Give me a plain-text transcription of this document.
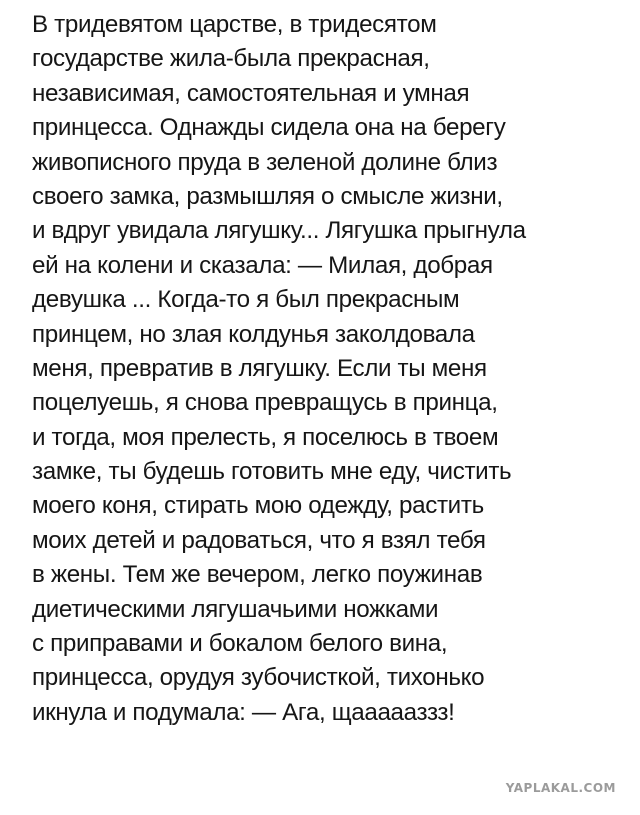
В тридевятом царстве, в тридесятом
государстве жила-была прекрасная,
независимая, самостоятельная и умная
принцесса. Однажды сидела она на берегу
живописного пруда в зеленой долине близ
своего замка, размышляя о смысле жизни,
и вдруг увидала лягушку... Лягушка прыгнула
ей на колени и сказала: — Милая, добрая
девушка ... Когда-то я был прекрасным
принцем, но злая колдунья заколдовала
меня, превратив в лягушку. Если ты меня
поцелуешь, я снова превращусь в принца,
и тогда, моя прелесть, я поселюсь в твоем
замке, ты будешь готовить мне еду, чистить
моего коня, стирать мою одежду, растить
моих детей и радоваться, что я взял тебя
в жены. Тем же вечером, легко поужинав
диетическими лягушачьими ножками
с приправами и бокалом белого вина,
принцесса, орудуя зубочисткой, тихонько
икнула и подумала: — Ага, щаааааззз!
YAPLAKAL.COM
